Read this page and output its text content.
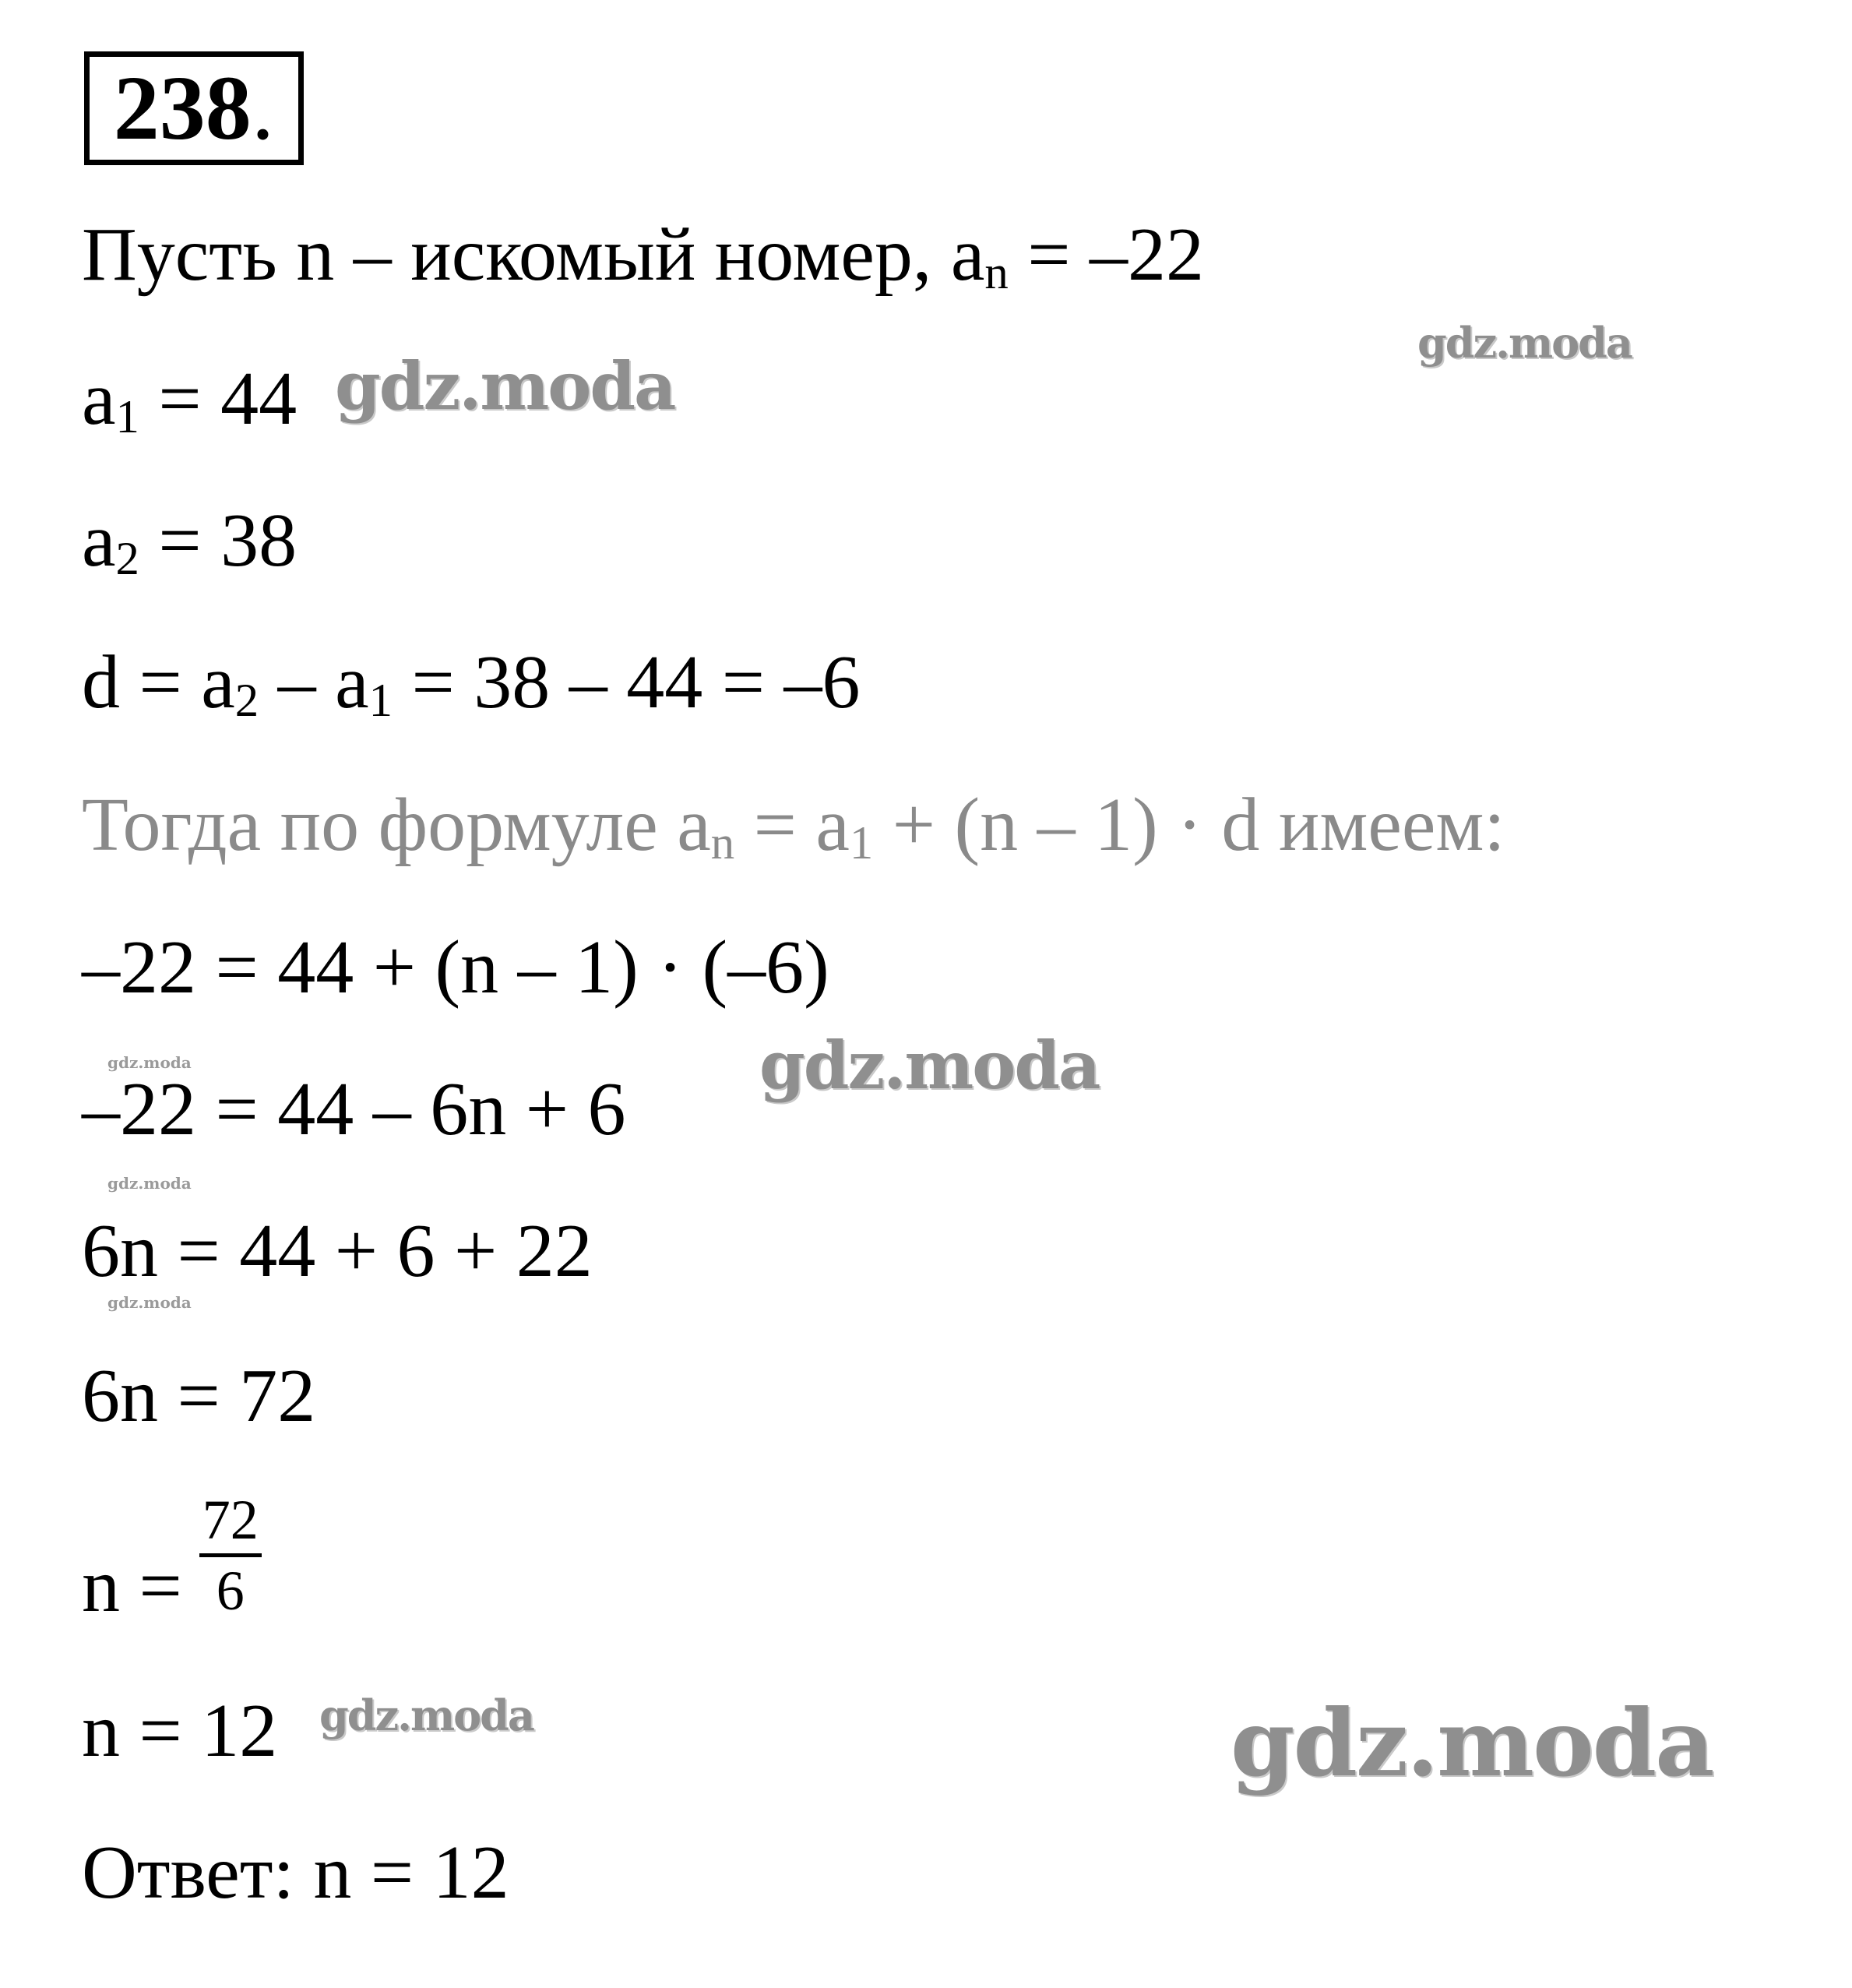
238 .
Пусть n – искомый номер, $a_n = -22$
$a_1 = 44$
$a_2 = 38$
$d = a_2 - a_1 = 38 - 44 = -6$
Тогда по формуле $a_n = a_1 + (n - 1) \cdot d$ имеем:
–22 = 44 + (n – 1) · (–6)
–22 = 44 – 6n + 6
6n = 44 + 6 + 22
6n = 72
n =
72
6
n = 12
Ответ: n = 12
gdz.moda
gdz.moda
gdz.moda
gdz.moda	gdz.moda
gdz.moda
gdz.moda
gdz.moda
